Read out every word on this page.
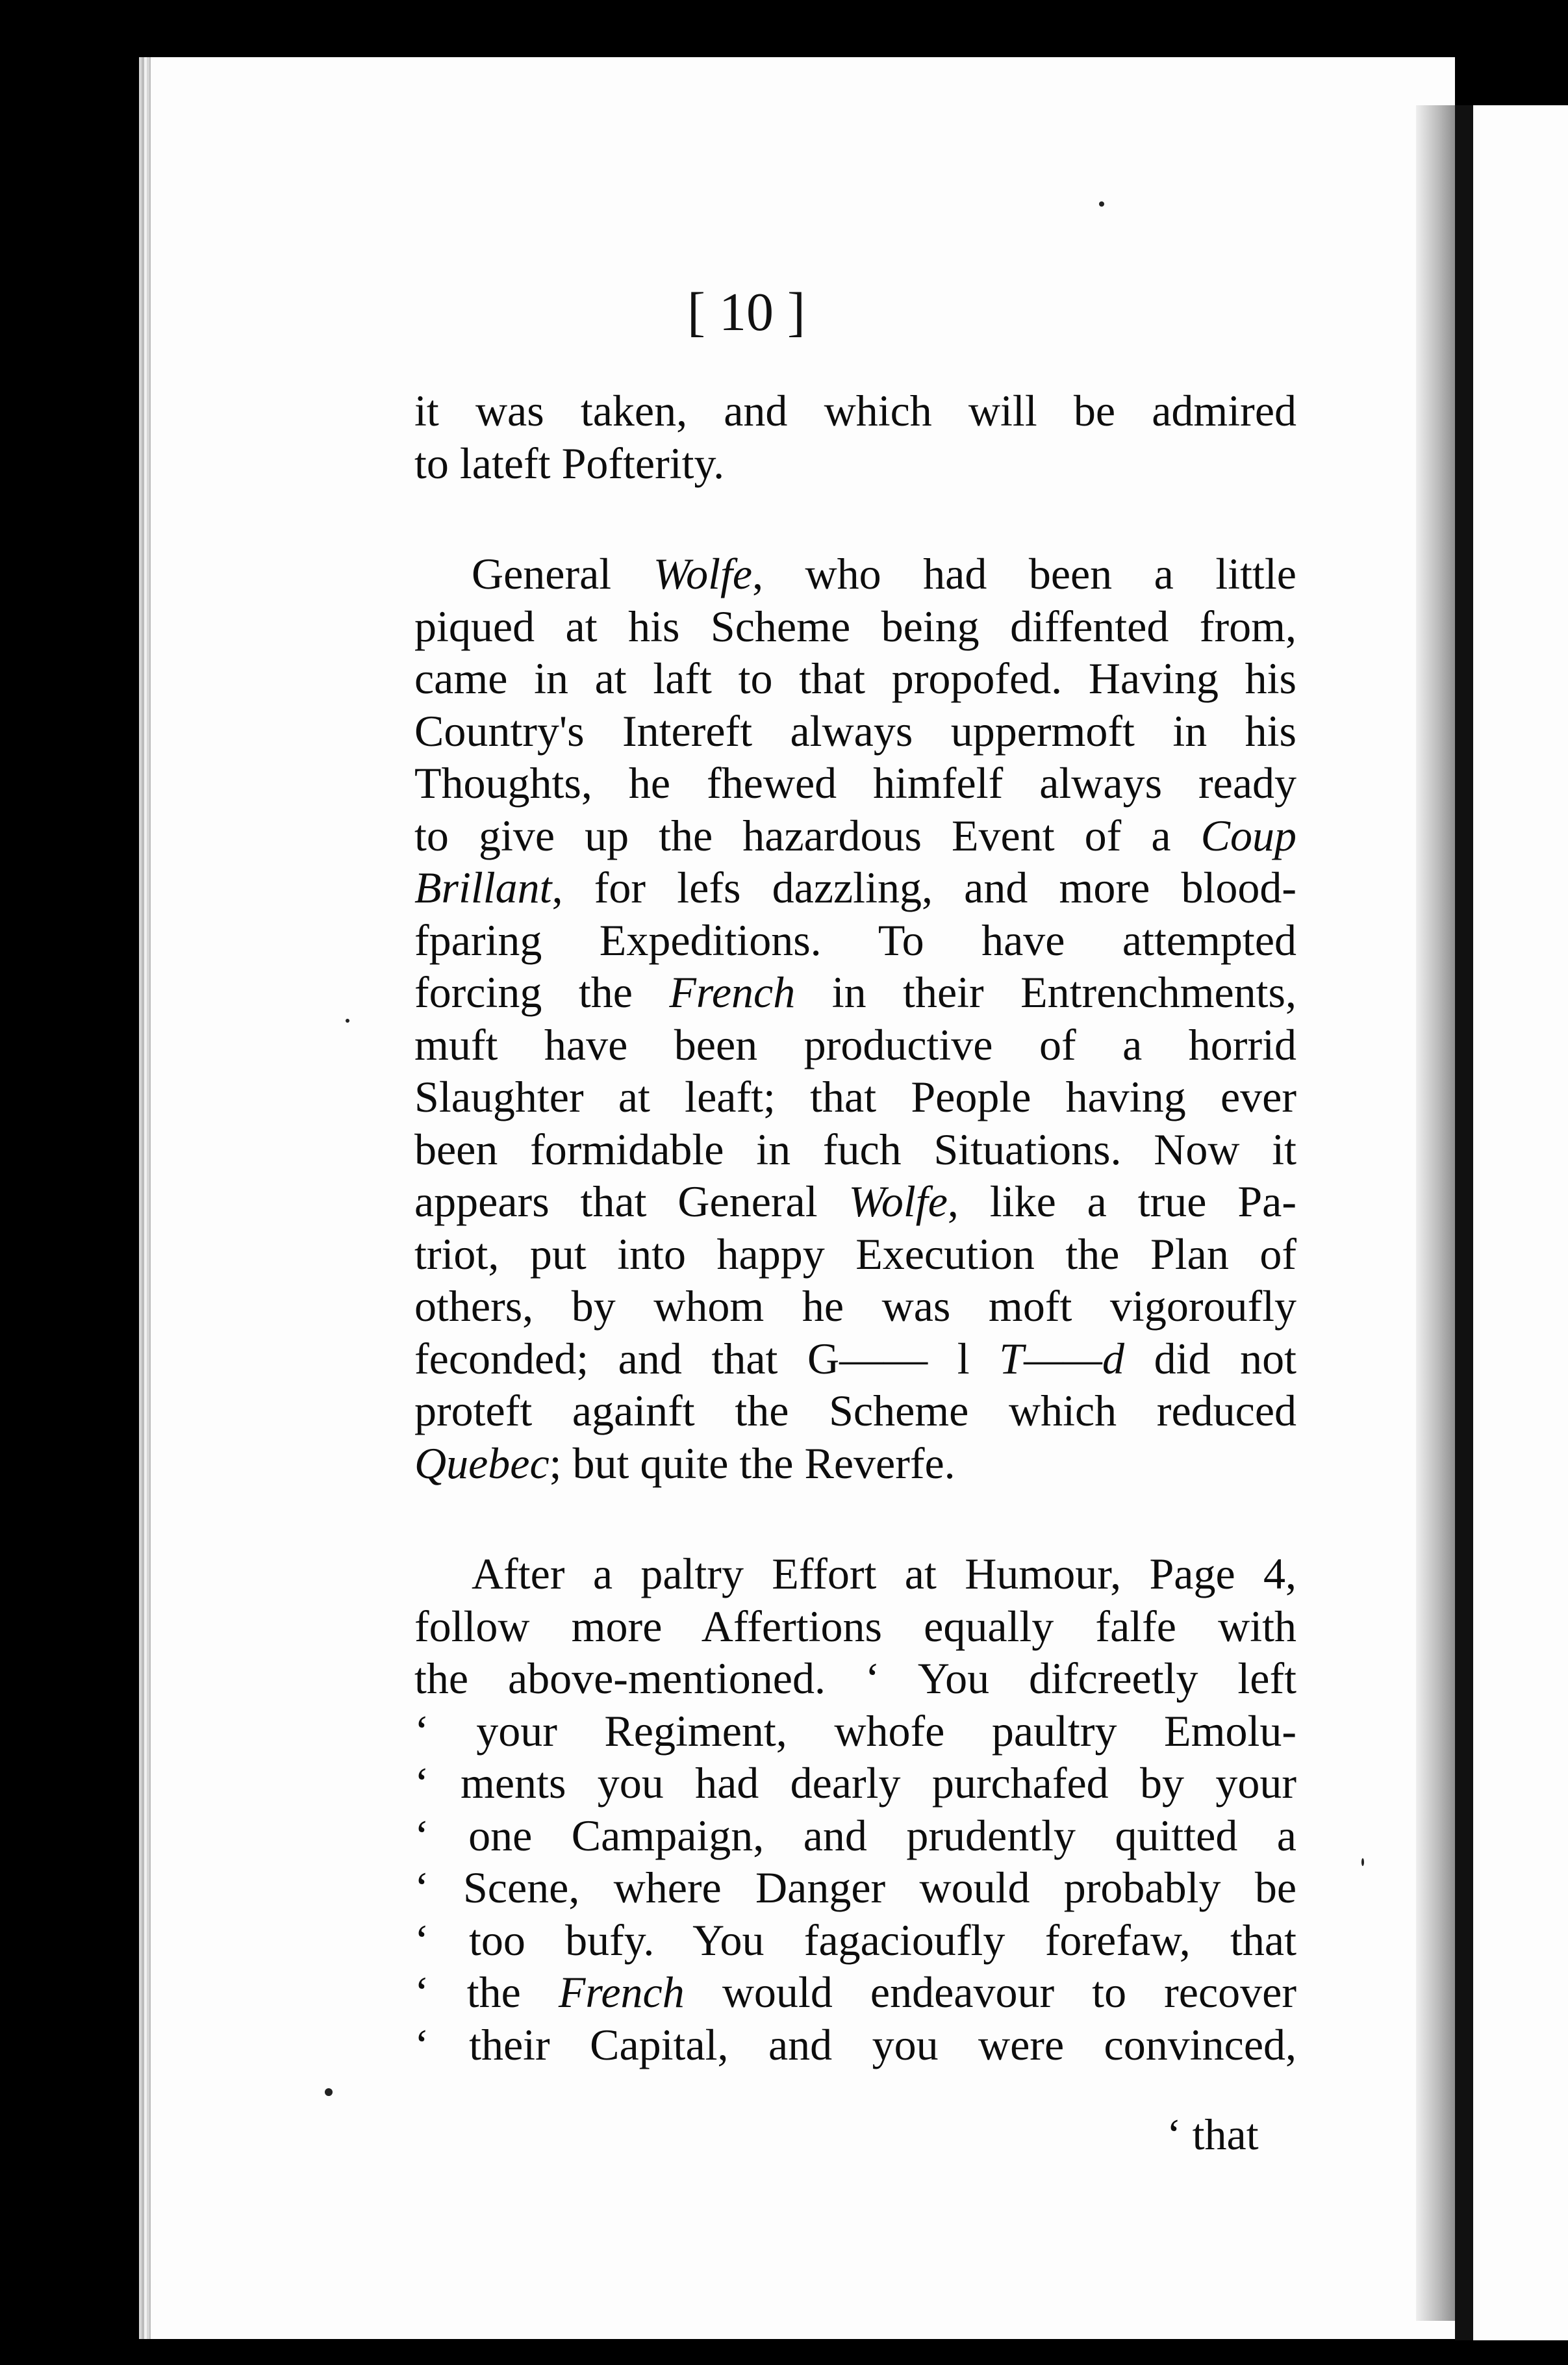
[ 10 ]
it was taken, and which will be admired
to lateft Pofterity.
General Wolfe, who had been a little
piqued at his Scheme being diffented from,
came in at laft to that propofed. Having his
Country's Intereft always uppermoft in his
Thoughts, he fhewed himfelf always ready
to give up the hazardous Event of a Coup
Brillant, for lefs dazzling, and more blood-
fparing Expeditions. To have attempted
forcing the French in their Entrenchments,
muft have been productive of a horrid
Slaughter at leaft; that People having ever
been formidable in fuch Situations. Now it
appears that General Wolfe, like a true Pa-
triot, put into happy Execution the Plan of
others, by whom he was moft vigoroufly
feconded; and that G—— l T——d did not
proteft againft the Scheme which reduced
Quebec; but quite the Reverfe.
After a paltry Effort at Humour, Page 4,
follow more Affertions equally falfe with
the above-mentioned. ‘ You difcreetly left
‘ your Regiment, whofe paultry Emolu-
‘ ments you had dearly purchafed by your
‘ one Campaign, and prudently quitted a
‘ Scene, where Danger would probably be
‘ too bufy. You fagacioufly forefaw, that
‘ the French would endeavour to recover
‘ their Capital, and you were convinced,
‘ that
